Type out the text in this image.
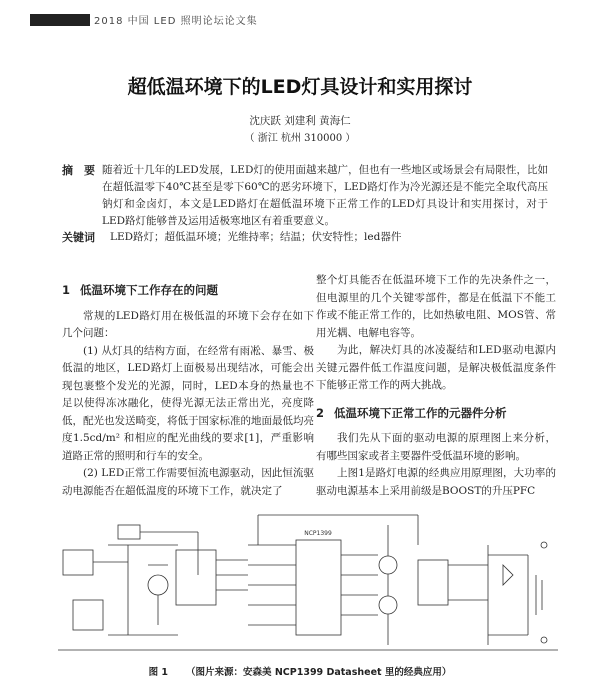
2018 中国 LED 照明论坛论文集
超低温环境下的LED灯具设计和实用探讨
沈庆跃 刘建利 黄海仁
（ 浙江 杭州 310000 ）
摘　要 随着近十几年的LED发展，LED灯的使用面越来越广，但也有一些地区或场景会有局限性，比如在超低温零下40℃甚至是零下60℃的恶劣环境下，LED路灯作为冷光源还是不能完全取代高压钠灯和金卤灯，本文是LED路灯在超低温环境下正常工作的LED灯具设计和实用探讨，对于LED路灯能够普及运用适极寒地区有着重要意义。
关键词 LED路灯；超低温环境；光维持率；结温；伏安特性；led器件
1 低温环境下工作存在的问题

常规的LED路灯用在极低温的环境下会存在如下几个问题：

(1) 从灯具的结构方面，在经常有雨凇、暴雪、极低温的地区，LED路灯上面极易出现结冰，可能会出现包裹整个发光的光源，同时，LED本身的热量也不足以使得冻冰融化，使得光源无法正常出光，亮度降低，配光也发送畸变，将低于国家标准的地面最低均亮度1.5cd/m² 和相应的配光曲线的要求[1]，严重影响道路正常的照明和行车的安全。

(2) LED正常工作需要恒流电源驱动，因此恒流驱动电源能否在超低温度的环境下工作，就决定了

整个灯具能否在低温环境下工作的先决条件之一，但电源里的几个关键零部件，都是在低温下不能工作或不能正常工作的，比如热敏电阻、MOS管、常用光耦、电解电容等。

为此，解决灯具的冰凌凝结和LED驱动电源内关键元器件低工作温度问题，是解决极低温度条件下能够正常工作的两大挑战。

2 低温环境下正常工作的元器件分析

我们先从下面的驱动电源的原理图上来分析，有哪些国家或者主要器件受低温环境的影响。

上图1是路灯电源的经典应用原理图，大功率的驱动电源基本上采用前级是BOOST的升压PFC

NCP1399
图 1 （图片来源：安森美 NCP1399 Datasheet 里的经典应用）
